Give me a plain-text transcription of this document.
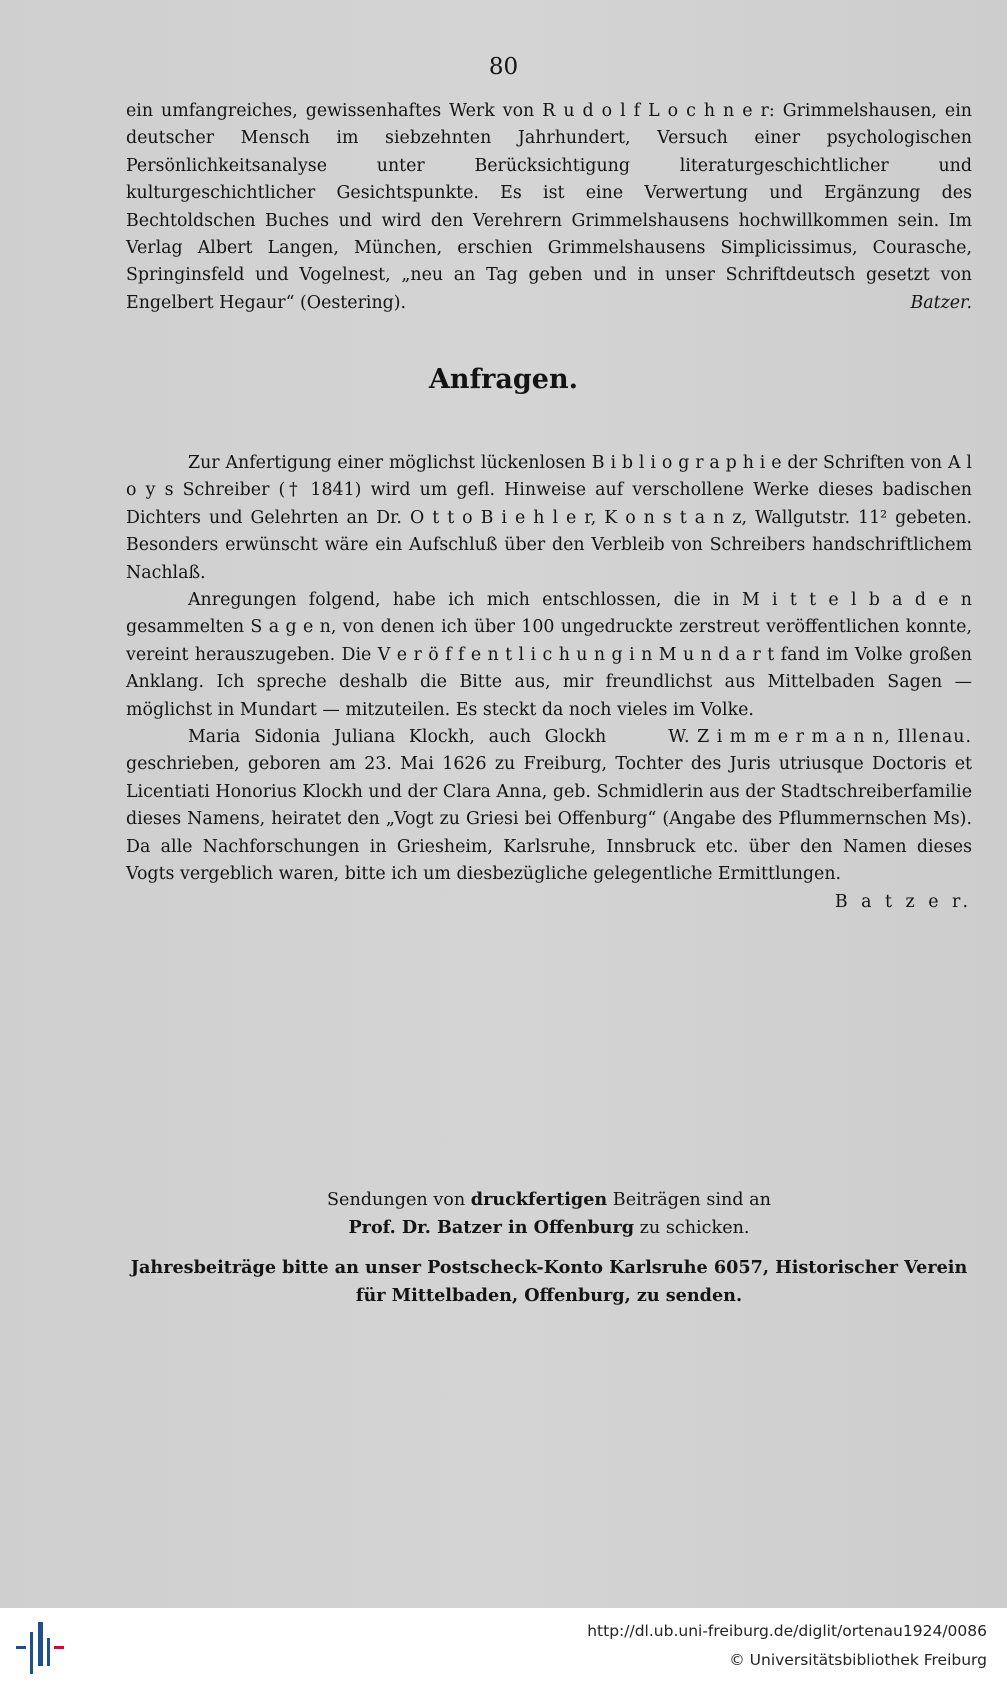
80

ein umfangreiches, gewissenhaftes Werk von R u d o l f L o c h n e r: Grimmelshausen, ein deutscher Mensch im siebzehnten Jahrhundert, Versuch einer psychologischen Persönlichkeitsanalyse unter Berücksichtigung literaturgeschichtlicher und kulturgeschichtlicher Gesichtspunkte. Es ist eine Verwertung und Ergänzung des Bechtoldschen Buches und wird den Verehrern Grimmelshausens hochwillkommen sein. Im Verlag Albert Langen, München, erschien Grimmelshausens Simplicissimus, Courasche, Springinsfeld und Vogelnest, „neu an Tag geben und in unser Schriftdeutsch gesetzt von Engelbert Hegaur“ (Oestering).	Batzer.

Anfragen.

Zur Anfertigung einer möglichst lückenlosen B i b l i o g r a p h i e der Schriften von A l o y s Schreiber († 1841) wird um gefl. Hinweise auf verschollene Werke dieses badischen Dichters und Gelehrten an Dr. O t t o B i e h l e r, K o n s t a n z, Wallgutstr. 11² gebeten. Besonders erwünscht wäre ein Aufschluß über den Verbleib von Schreibers handschriftlichem Nachlaß.

Anregungen folgend, habe ich mich entschlossen, die in M i t t e l b a d e n gesammelten S a g e n, von denen ich über 100 ungedruckte zerstreut veröffentlichen konnte, vereint herauszugeben. Die V e r ö f f e n t l i c h u n g i n M u n d a r t fand im Volke großen Anklang. Ich spreche deshalb die Bitte aus, mir freundlichst aus Mittelbaden Sagen — möglichst in Mundart — mitzuteilen. Es steckt da noch vieles im Volke.
W. Z i m m e r m a n n, Illenau.

Maria Sidonia Juliana Klockh, auch Glockh geschrieben, geboren am 23. Mai 1626 zu Freiburg, Tochter des Juris utriusque Doctoris et Licentiati Honorius Klockh und der Clara Anna, geb. Schmidlerin aus der Stadtschreiberfamilie dieses Namens, heiratet den „Vogt zu Griesi bei Offenburg“ (Angabe des Pflummernschen Ms). Da alle Nachforschungen in Griesheim, Karlsruhe, Innsbruck etc. über den Namen dieses Vogts vergeblich waren, bitte ich um diesbezügliche gelegentliche Ermittlungen.
B a t z e r.

Sendungen von druckfertigen Beiträgen sind an
Prof. Dr. Batzer in Offenburg zu schicken.
Jahresbeiträge bitte an unser Postscheck-Konto Karlsruhe 6057, Historischer Verein für Mittelbaden, Offenburg, zu senden.
http://dl.ub.uni-freiburg.de/diglit/ortenau1924/0086
© Universitätsbibliothek Freiburg
